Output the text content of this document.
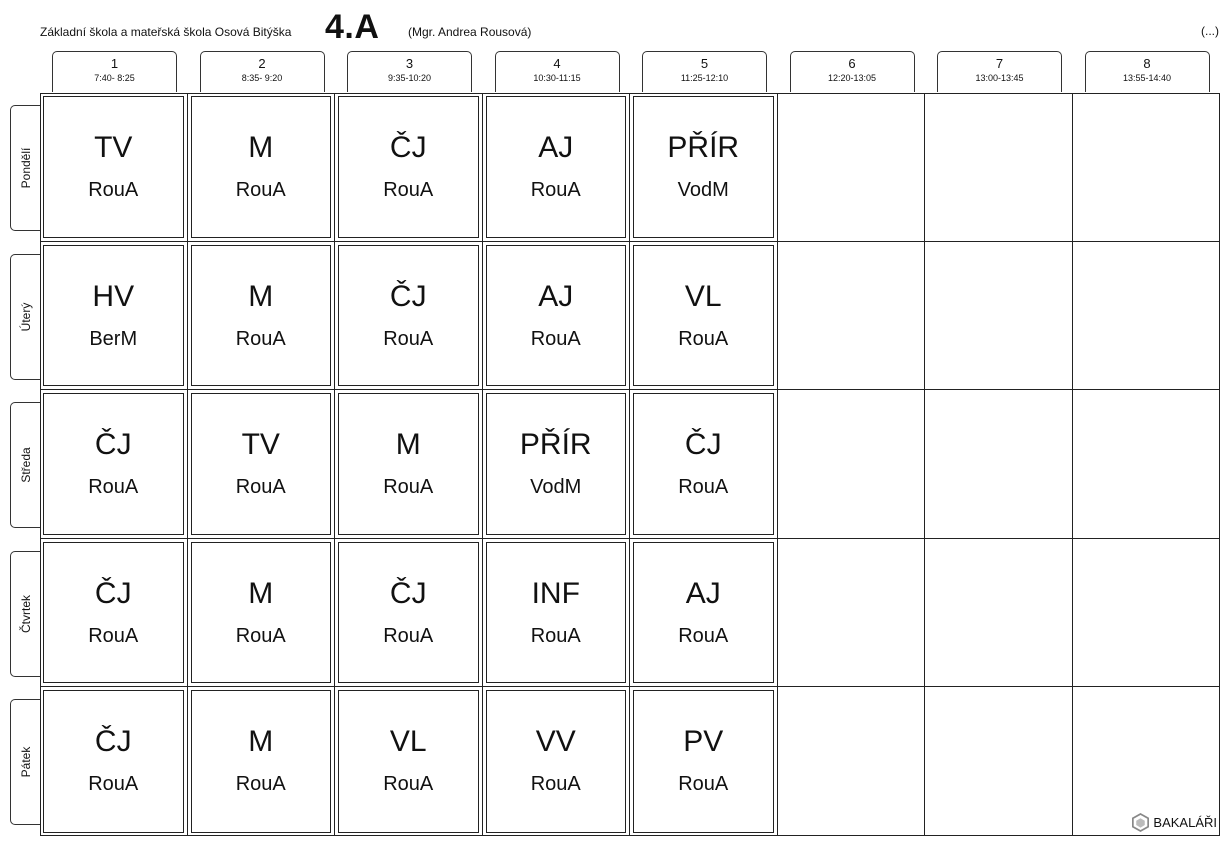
Základní škola a mateřská škola Osová Bitýška 4.A (Mgr. Andrea Rousová)	(...)
1
7:40- 8:25
2
8:35- 9:20
3
9:35-10:20
4
10:30-11:15
5
11:25-12:10
6
12:20-13:05
7
13:00-13:45
8
13:55-14:40
Pondělí
Úterý
Středa
Čtvrtek
Pátek
TV
RouA
M
RouA
ČJ
RouA
AJ
RouA
PŘÍR
VodM
HV
BerM
M
RouA
ČJ
RouA
AJ
RouA
VL
RouA
ČJ
RouA
TV
RouA
M
RouA
PŘÍR
VodM
ČJ
RouA
ČJ
RouA
M
RouA
ČJ
RouA
INF
RouA
AJ
RouA
ČJ
RouA
M
RouA
VL
RouA
VV
RouA
PV
RouA
BAKALÁŘI
